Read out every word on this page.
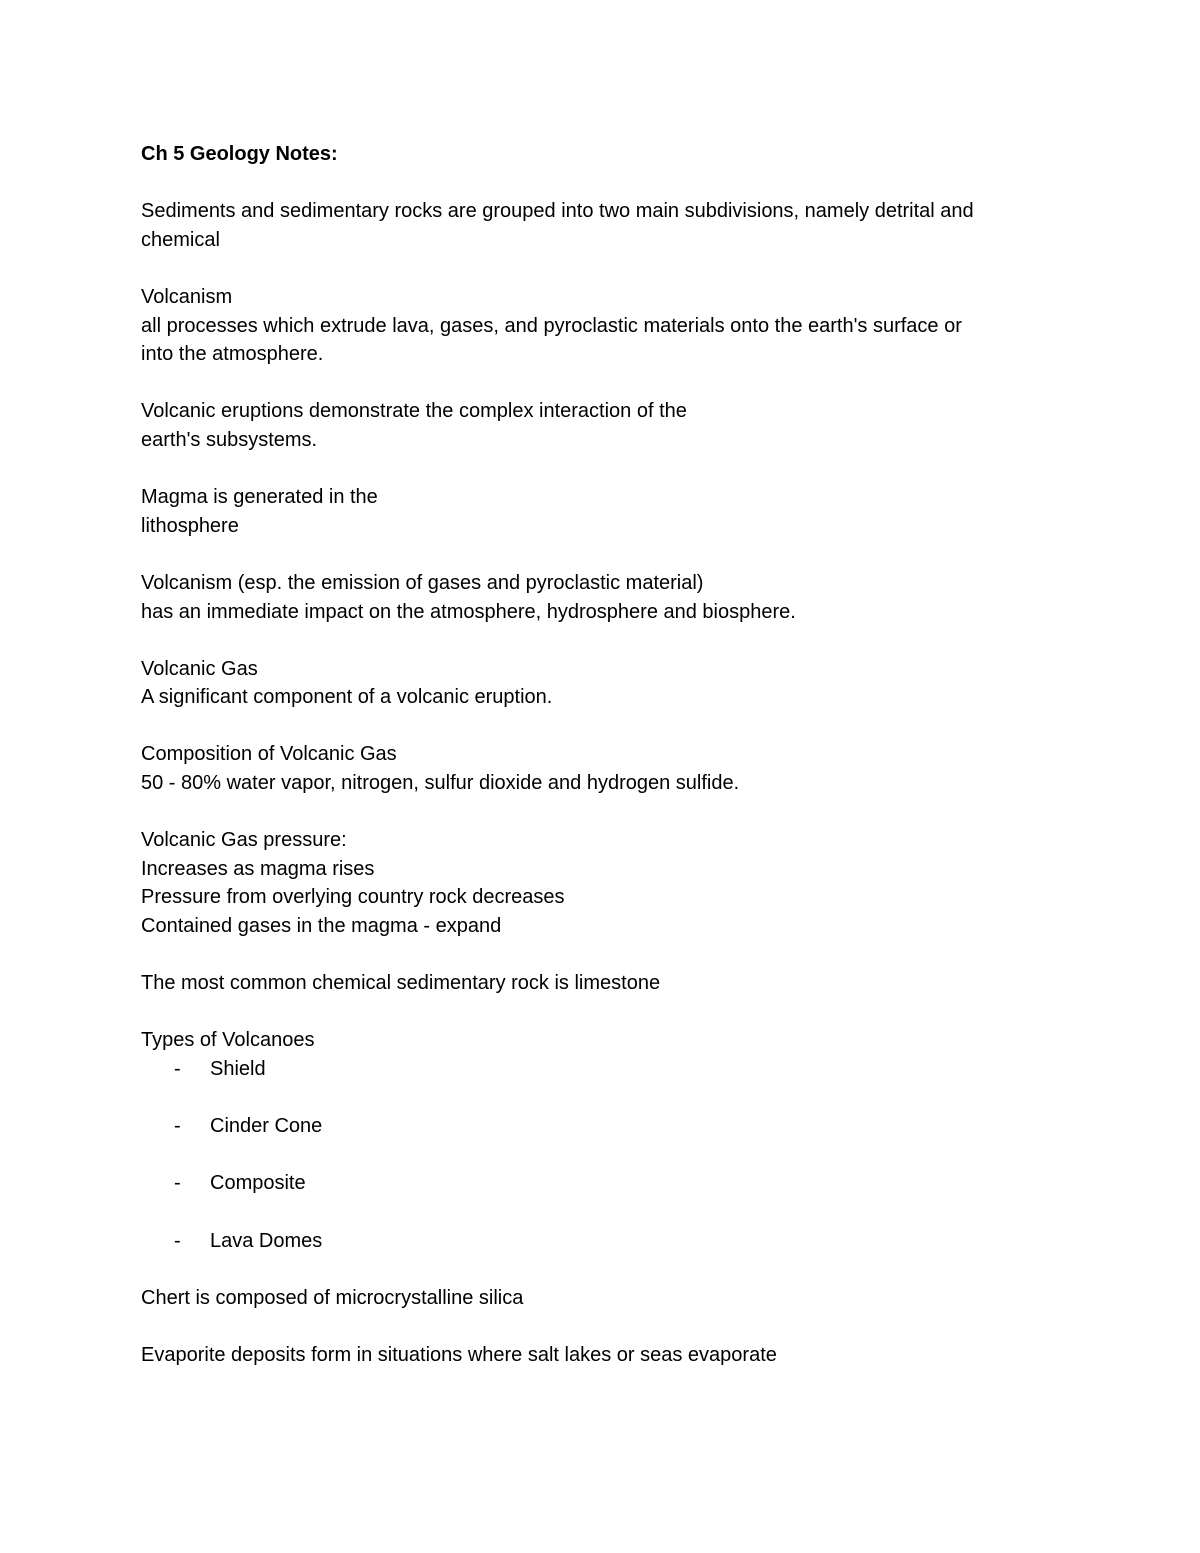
Ch 5 Geology Notes:
Sediments and sedimentary rocks are grouped into two main subdivisions, namely detrital and
chemical
Volcanism
all processes which extrude lava, gases, and pyroclastic materials onto the earth's surface or
into the atmosphere.
Volcanic eruptions demonstrate the complex interaction of the
earth's subsystems.
Magma is generated in the
lithosphere
Volcanism (esp. the emission of gases and pyroclastic material)
has an immediate impact on the atmosphere, hydrosphere and biosphere.
Volcanic Gas
A significant component of a volcanic eruption.
Composition of Volcanic Gas
50 - 80% water vapor, nitrogen, sulfur dioxide and hydrogen sulfide.
Volcanic Gas pressure:
Increases as magma rises
Pressure from overlying country rock decreases
Contained gases in the magma - expand
The most common chemical sedimentary rock is limestone
Types of Volcanoes
-	Shield
-	Cinder Cone
-	Composite
-	Lava Domes
Chert is composed of microcrystalline silica
Evaporite deposits form in situations where salt lakes or seas evaporate
